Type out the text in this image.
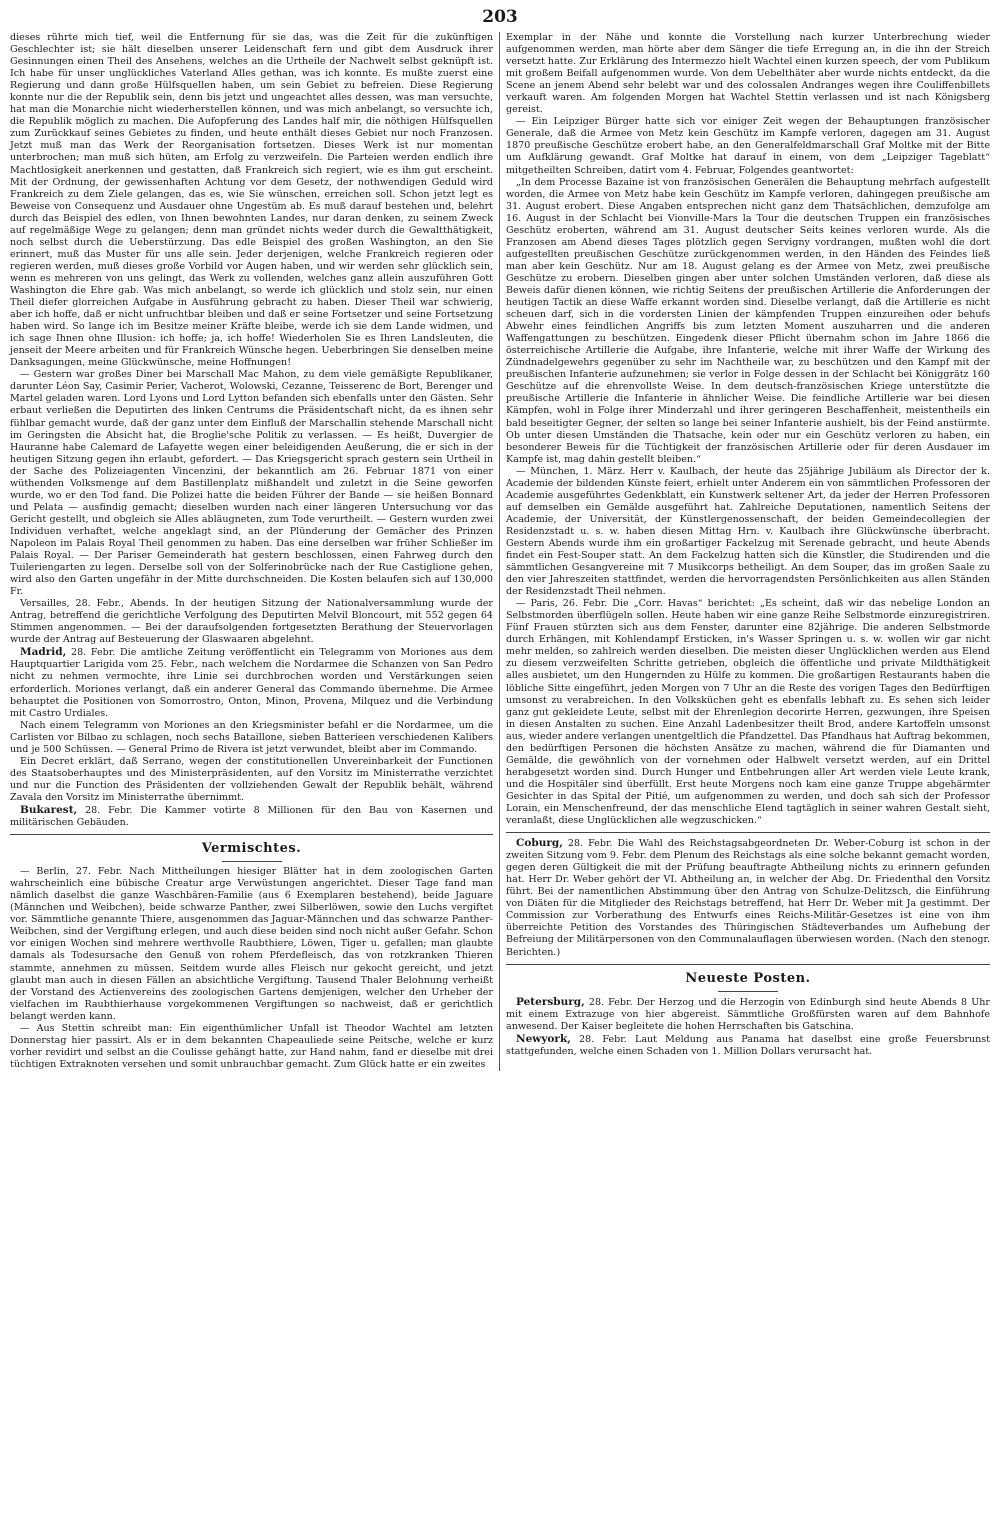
203

dieses rührte mich tief, weil die Entfernung für sie das, was die Zeit für die zukünftigen Geschlechter ist; sie hält dieselben unserer Leidenschaft fern und gibt dem Ausdruck ihrer Gesinnungen einen Theil des Ansehens, welches an die Urtheile der Nachwelt selbst geknüpft ist. Ich habe für unser unglückliches Vaterland Alles gethan, was ich konnte. Es mußte zuerst eine Regierung und dann große Hülfsquellen haben, um sein Gebiet zu befreien. Diese Regierung konnte nur die der Republik sein, denn bis jetzt und ungeachtet alles dessen, was man versuchte, hat man die Monarchie nicht wiederherstellen können, und was mich anbelangt, so versuchte ich, die Republik möglich zu machen. Die Aufopferung des Landes half mir, die nöthigen Hülfsquellen zum Zurückkauf seines Gebietes zu finden, und heute enthält dieses Gebiet nur noch Franzosen. Jetzt muß man das Werk der Reorganisation fortsetzen. Dieses Werk ist nur momentan unterbrochen; man muß sich hüten, am Erfolg zu verzweifeln. Die Parteien werden endlich ihre Machtlosigkeit anerkennen und gestatten, daß Frankreich sich regiert, wie es ihm gut erscheint. Mit der Ordnung, der gewissenhaften Achtung vor dem Gesetz, der nothwendigen Geduld wird Frankreich zu dem Ziele gelangen, das es, wie Sie wünschen, erreichen soll. Schon jetzt legt es Beweise von Consequenz und Ausdauer ohne Ungestüm ab. Es muß darauf bestehen und, belehrt durch das Beispiel des edlen, von Ihnen bewohnten Landes, nur daran denken, zu seinem Zweck auf regelmäßige Wege zu gelangen; denn man gründet nichts weder durch die Gewaltthätigkeit, noch selbst durch die Ueberstürzung. Das edle Beispiel des großen Washington, an den Sie erinnert, muß das Muster für uns alle sein. Jeder derjenigen, welche Frankreich regieren oder regieren werden, muß dieses große Vorbild vor Augen haben, und wir werden sehr glücklich sein, wenn es mehreren von uns gelingt, das Werk zu vollenden, welches ganz allein auszuführen Gott Washington die Ehre gab. Was mich anbelangt, so werde ich glücklich und stolz sein, nur einen Theil diefer glorreichen Aufgabe in Ausführung gebracht zu haben. Dieser Theil war schwierig, aber ich hoffe, daß er nicht unfruchtbar bleiben und daß er seine Fortsetzer und seine Fortsetzung haben wird. So lange ich im Besitze meiner Kräfte bleibe, werde ich sie dem Lande widmen, und ich sage Ihnen ohne Illusion: ich hoffe; ja, ich hoffe! Wiederholen Sie es Ihren Landsleuten, die jenseit der Meere arbeiten und für Frankreich Wünsche hegen. Ueberbringen Sie denselben meine Danksagungen, meine Glückwünsche, meine Hoffnungen!

— Gestern war großes Diner bei Marschall Mac Mahon, zu dem viele gemäßigte Republikaner, darunter Léon Say, Casimir Perier, Vacherot, Wolowski, Cezanne, Teisserenc de Bort, Berenger und Martel geladen waren. Lord Lyons und Lord Lytton befanden sich ebenfalls unter den Gästen. Sehr erbaut verließen die Deputirten des linken Centrums die Präsidentschaft nicht, da es ihnen sehr fühlbar gemacht wurde, daß der ganz unter dem Einfluß der Marschallin stehende Marschall nicht im Geringsten die Absicht hat, die Broglie'sche Politik zu verlassen. — Es heißt, Duvergier de Hauranne habe Calemard de Lafayette wegen einer beleidigenden Aeußerung, die er sich in der heutigen Sitzung gegen ihn erlaubt, gefordert. — Das Kriegsgericht sprach gestern sein Urtheil in der Sache des Polizeiagenten Vincenzini, der bekanntlich am 26. Februar 1871 von einer wüthenden Volksmenge auf dem Bastillenplatz mißhandelt und zuletzt in die Seine geworfen wurde, wo er den Tod fand. Die Polizei hatte die beiden Führer der Bande — sie heißen Bonnard und Pelata — ausfindig gemacht; dieselben wurden nach einer längeren Untersuchung vor das Gericht gestellt, und obgleich sie Alles abläugneten, zum Tode verurtheilt. — Gestern wurden zwei Individuen verhaftet, welche angeklagt sind, an der Plünderung der Gemächer des Prinzen Napoleon im Palais Royal Theil genommen zu haben. Das eine derselben war früher Schließer im Palais Royal. — Der Pariser Gemeinderath hat gestern beschlossen, einen Fahrweg durch den Tuileriengarten zu legen. Derselbe soll von der Solferinobrücke nach der Rue Castiglione gehen, wird also den Garten ungefähr in der Mitte durchschneiden. Die Kosten belaufen sich auf 130,000 Fr.

Versailles, 28. Febr., Abends. In der heutigen Sitzung der Nationalversammlung wurde der Antrag, betreffend die gerichtliche Verfolgung des Deputirten Melvil Bloncourt, mit 552 gegen 64 Stimmen angenommen. — Bei der daraufsolgenden fortgesetzten Berathung der Steuervorlagen wurde der Antrag auf Besteuerung der Glaswaaren abgelehnt.

Madrid, 28. Febr. Die amtliche Zeitung veröffentlicht ein Telegramm von Moriones aus dem Hauptquartier Larigida vom 25. Febr., nach welchem die Nordarmee die Schanzen von San Pedro nicht zu nehmen vermochte, ihre Linie sei durchbrochen worden und Verstärkungen seien erforderlich. Moriones verlangt, daß ein anderer General das Commando übernehme. Die Armee behauptet die Positionen von Somorrostro, Onton, Minon, Provena, Milquez und die Verbindung mit Castro Urdiales.

Nach einem Telegramm von Moriones an den Kriegsminister befahl er die Nordarmee, um die Carlisten vor Bilbao zu schlagen, noch sechs Bataillone, sieben Batterieen verschiedenen Kalibers und je 500 Schüssen. — General Primo de Rivera ist jetzt verwundet, bleibt aber im Commando.

Ein Decret erklärt, daß Serrano, wegen der constitutionellen Unvereinbarkeit der Functionen des Staatsoberhauptes und des Ministerpräsidenten, auf den Vorsitz im Ministerrathe verzichtet und nur die Function des Präsidenten der vollziehenden Gewalt der Republik behält, während Zavala den Vorsitz im Ministerrathe übernimmt.

Bukarest, 28. Febr. Die Kammer votirte 8 Millionen für den Bau von Kasernen und militärischen Gebäuden.

Vermischtes.

— Berlin, 27. Febr. Nach Mittheilungen hiesiger Blätter hat in dem zoologischen Garten wahrscheinlich eine bübische Creatur arge Verwüstungen angerichtet. Dieser Tage fand man nämlich daselbst die ganze Waschbären-Familie (aus 6 Exemplaren bestehend), beide Jaguare (Männchen und Weibchen), beide schwarze Panther, zwei Silberlöwen, sowie den Luchs vergiftet vor. Sämmtliche genannte Thiere, ausgenommen das Jaguar-Männchen und das schwarze Panther-Weibchen, sind der Vergiftung erlegen, und auch diese beiden sind noch nicht außer Gefahr. Schon vor einigen Wochen sind mehrere werthvolle Raubthiere, Löwen, Tiger u. gefallen; man glaubte damals als Todesursache den Genuß von rohem Pferdefleisch, das von rotzkranken Thieren stammte, annehmen zu müssen. Seitdem wurde alles Fleisch nur gekocht gereicht, und jetzt glaubt man auch in diesen Fällen an absichtliche Vergiftung. Tausend Thaler Belohnung verheißt der Vorstand des Actienvereins des zoologischen Gartens demjenigen, welcher den Urheber der vielfachen im Raubthierhause vorgekommenen Vergiftungen so nachweist, daß er gerichtlich belangt werden kann.

— Aus Stettin schreibt man: Ein eigenthümlicher Unfall ist Theodor Wachtel am letzten Donnerstag hier passirt. Als er in dem bekannten Chapeauliede seine Peitsche, welche er kurz vorher revidirt und selbst an die Coulisse gehängt hatte, zur Hand nahm, fand er dieselbe mit drei tüchtigen Extraknoten versehen und somit unbrauchbar gemacht. Zum Glück hatte er ein zweites

Exemplar in der Nähe und konnte die Vorstellung nach kurzer Unterbrechung wieder aufgenommen werden, man hörte aber dem Sänger die tiefe Erregung an, in die ihn der Streich versetzt hatte. Zur Erklärung des Intermezzo hielt Wachtel einen kurzen speech, der vom Publikum mit großem Beifall aufgenommen wurde. Von dem Uebelthäter aber wurde nichts entdeckt, da die Scene an jenem Abend sehr belebt war und des colossalen Andranges wegen ihre Couliffenbillets verkauft waren. Am folgenden Morgen hat Wachtel Stettin verlassen und ist nach Königsberg gereist.

— Ein Leipziger Bürger hatte sich vor einiger Zeit wegen der Behauptungen französischer Generale, daß die Armee von Metz kein Geschütz im Kampfe verloren, dagegen am 31. August 1870 preußische Geschütze erobert habe, an den Generalfeldmarschall Graf Moltke mit der Bitte um Aufklärung gewandt. Graf Moltke hat darauf in einem, von dem „Leipziger Tageblatt“ mitgetheilten Schreiben, datirt vom 4. Februar, Folgendes geantwortet:

„In dem Processe Bazaine ist von französischen Generälen die Behauptung mehrfach aufgestellt worden, die Armee von Metz habe kein Geschütz im Kampfe verloren, dahingegen preußische am 31. August erobert. Diese Angaben entsprechen nicht ganz dem Thatsächlichen, demzufolge am 16. August in der Schlacht bei Vionville-Mars la Tour die deutschen Truppen ein französisches Geschütz eroberten, während am 31. August deutscher Seits keines verloren wurde. Als die Franzosen am Abend dieses Tages plötzlich gegen Servigny vordrangen, mußten wohl die dort aufgestellten preußischen Geschütze zurückgenommen werden, in den Händen des Feindes ließ man aber kein Geschütz. Nur am 18. August gelang es der Armee von Metz, zwei preußische Geschütze zu erobern. Dieselben gingen aber unter solchen Umständen verloren, daß diese als Beweis dafür dienen können, wie richtig Seitens der preußischen Artillerie die Anforderungen der heutigen Tactik an diese Waffe erkannt worden sind. Dieselbe verlangt, daß die Artillerie es nicht scheuen darf, sich in die vordersten Linien der kämpfenden Truppen einzureihen oder behufs Abwehr eines feindlichen Angriffs bis zum letzten Moment auszuharren und die anderen Waffengattungen zu beschützen. Eingedenk dieser Pflicht übernahm schon im Jahre 1866 die österreichische Artillerie die Aufgabe, ihre Infanterie, welche mit ihrer Waffe der Wirkung des Zündnadelgewehrs gegenüber zu sehr im Nachtheile war, zu beschützen und den Kampf mit der preußischen Infanterie aufzunehmen; sie verlor in Folge dessen in der Schlacht bei Königgrätz 160 Geschütze auf die ehrenvollste Weise. In dem deutsch-französischen Kriege unterstützte die preußische Artillerie die Infanterie in ähnlicher Weise. Die feindliche Artillerie war bei diesen Kämpfen, wohl in Folge ihrer Minderzahl und ihrer geringeren Beschaffenheit, meistentheils ein bald beseitigter Gegner, der selten so lange bei seiner Infanterie aushielt, bis der Feind anstürmte. Ob unter diesen Umständen die Thatsache, kein oder nur ein Geschütz verloren zu haben, ein besonderer Beweis für die Tüchtigkeit der französischen Artillerie oder für deren Ausdauer im Kampfe ist, mag dahin gestellt bleiben.“

— München, 1. März. Herr v. Kaulbach, der heute das 25jährige Jubiläum als Director der k. Academie der bildenden Künste feiert, erhielt unter Anderem ein von sämmtlichen Professoren der Academie ausgeführtes Gedenkblatt, ein Kunstwerk seltener Art, da jeder der Herren Professoren auf demselben ein Gemälde ausgeführt hat. Zahlreiche Deputationen, namentlich Seitens der Academie, der Universität, der Künstlergenossenschaft, der beiden Gemeindecollegien der Residenzstadt u. s. w. haben diesen Mittag Hrn. v. Kaulbach ihre Glückwünsche überbracht. Gestern Abends wurde ihm ein großartiger Fackelzug mit Serenade gebracht, und heute Abends findet ein Fest-Souper statt. An dem Fackelzug hatten sich die Künstler, die Studirenden und die sämmtlichen Gesangvereine mit 7 Musikcorps betheiligt. An dem Souper, das im großen Saale zu den vier Jahreszeiten stattfindet, werden die hervorragendsten Persönlichkeiten aus allen Ständen der Residenzstadt Theil nehmen.

— Paris, 26. Febr. Die „Corr. Havas“ berichtet: „Es scheint, daß wir das nebelige London an Selbstmorden überflügeln sollen. Heute haben wir eine ganze Reihe Selbstmorde einzuregistriren. Fünf Frauen stürzten sich aus dem Fenster, darunter eine 82jährige. Die anderen Selbstmorde durch Erhängen, mit Kohlendampf Ersticken, in's Wasser Springen u. s. w. wollen wir gar nicht mehr melden, so zahlreich werden dieselben. Die meisten dieser Unglücklichen werden aus Elend zu diesem verzweifelten Schritte getrieben, obgleich die öffentliche und private Mildthätigkeit alles ausbietet, um den Hungernden zu Hülfe zu kommen. Die großartigen Restaurants haben die löbliche Sitte eingeführt, jeden Morgen von 7 Uhr an die Reste des vorigen Tages den Bedürftigen umsonst zu verabreichen. In den Volksküchen geht es ebenfalls lebhaft zu. Es sehen sich leider ganz gut gekleidete Leute, selbst mit der Ehrenlegion decorirte Herren, gezwungen, ihre Speisen in diesen Anstalten zu suchen. Eine Anzahl Ladenbesitzer theilt Brod, andere Kartoffeln umsonst aus, wieder andere verlangen unentgeltlich die Pfandzettel. Das Pfandhaus hat Auftrag bekommen, den bedürftigen Personen die höchsten Ansätze zu machen, während die für Diamanten und Gemälde, die gewöhnlich von der vornehmen oder Halbwelt versetzt werden, auf ein Drittel herabgesetzt worden sind. Durch Hunger und Entbehrungen aller Art werden viele Leute krank, und die Hospitäler sind überfüllt. Erst heute Morgens noch kam eine ganze Truppe abgehärmter Gesichter in das Spital der Pitié, um aufgenommen zu werden, und doch sah sich der Professor Lorain, ein Menschenfreund, der das menschliche Elend tagtäglich in seiner wahren Gestalt sieht, veranlaßt, diese Unglücklichen alle wegzuschicken.“

Coburg, 28. Febr. Die Wahl des Reichstagsabgeordneten Dr. Weber-Coburg ist schon in der zweiten Sitzung vom 9. Febr. dem Plenum des Reichstags als eine solche bekannt gemacht worden, gegen deren Gültigkeit die mit der Prüfung beauftragte Abtheilung nichts zu erinnern gefunden hat. Herr Dr. Weber gehört der VI. Abtheilung an, in welcher der Abg. Dr. Friedenthal den Vorsitz führt. Bei der namentlichen Abstimmung über den Antrag von Schulze-Delitzsch, die Einführung von Diäten für die Mitglieder des Reichstags betreffend, hat Herr Dr. Weber mit Ja gestimmt. Der Commission zur Vorberathung des Entwurfs eines Reichs-Militär-Gesetzes ist eine von ihm überreichte Petition des Vorstandes des Thüringischen Städteverbandes um Aufhebung der Befreiung der Militärpersonen von den Communalauflagen überwiesen worden. (Nach den stenogr. Berichten.)

Neueste Posten.

Petersburg, 28. Febr. Der Herzog und die Herzogin von Edinburgh sind heute Abends 8 Uhr mit einem Extrazuge von hier abgereist. Sämmtliche Großfürsten waren auf dem Bahnhofe anwesend. Der Kaiser begleitete die hohen Herrschaften bis Gatschina.

Newyork, 28. Febr. Laut Meldung aus Panama hat daselbst eine große Feuersbrunst stattgefunden, welche einen Schaden von 1. Million Dollars verursacht hat.
